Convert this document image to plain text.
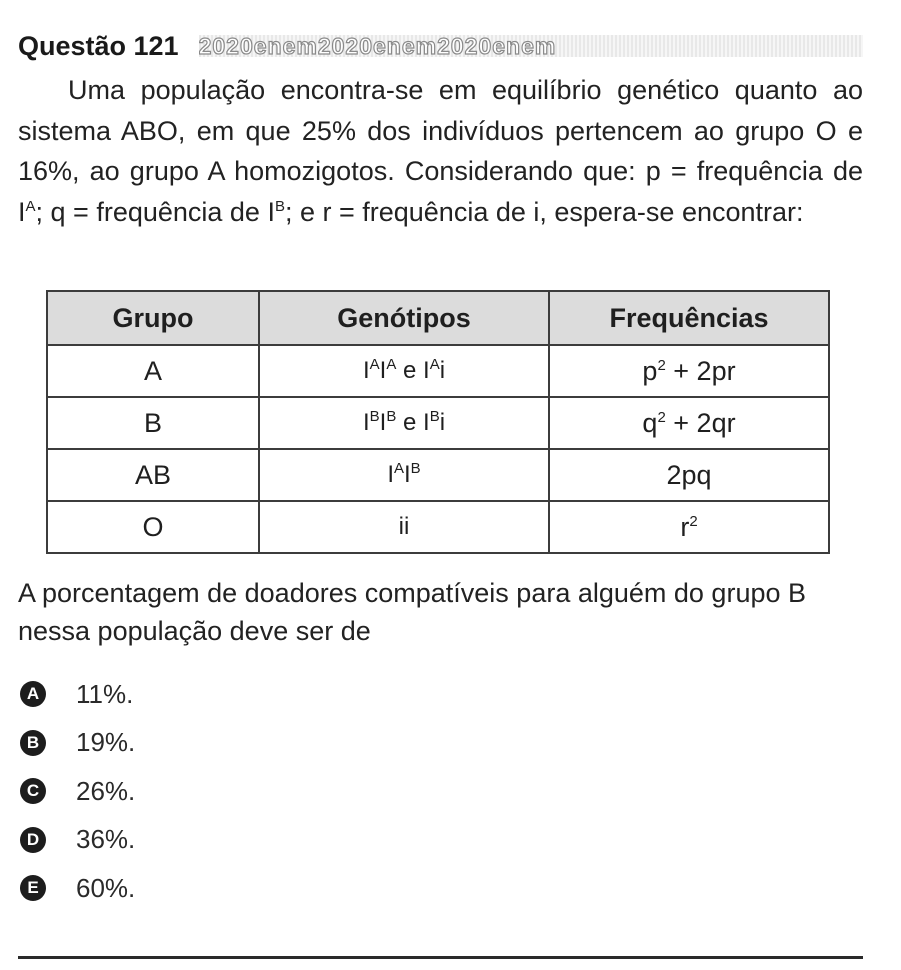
Questão 121 2020enem2020enem2020enem
Uma população encontra-se em equilíbrio genético quanto ao sistema ABO, em que 25% dos indivíduos pertencem ao grupo O e 16%, ao grupo A homozigotos. Considerando que: p = frequência de $I^A$; q = frequência de $I^B$; e r = frequência de i, espera-se encontrar:
Grupo	Genótipos	Frequências
A	$I^AI^A$ e $I^Ai$	$p^2 + 2pr$
B	$I^BI^B$ e $I^Bi$	$q^2 + 2qr$
AB	$I^AI^B$	2pq
O	ii	$r^2$
A porcentagem de doadores compatíveis para alguém do grupo B nessa população deve ser de
A 11%.
B 19%.
C 26%.
D 36%.
E 60%.
